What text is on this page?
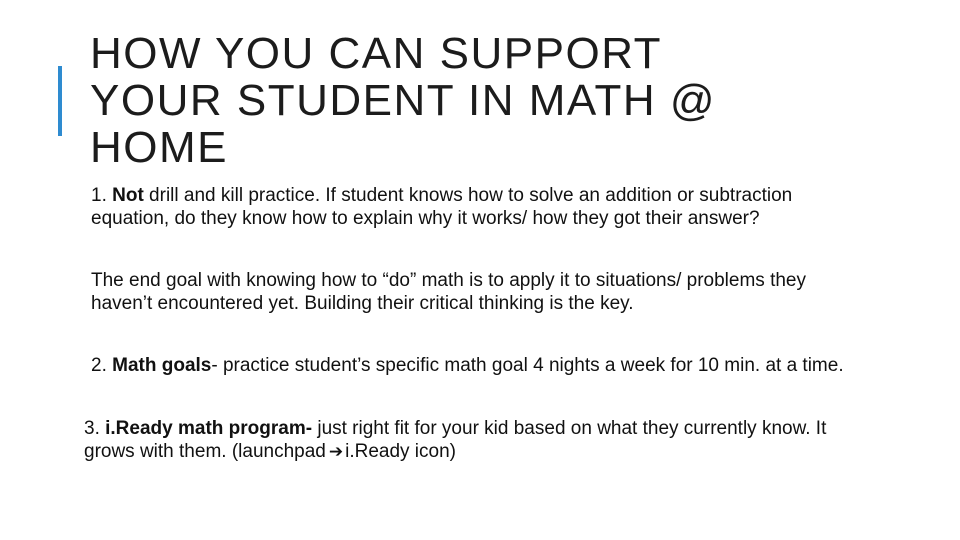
HOW YOU CAN SUPPORT
YOUR STUDENT IN MATH @
HOME

1. Not drill and kill practice. If student knows how to solve an addition or subtraction equation, do they know how to explain why it works/ how they got their answer?

The end goal with knowing how to “do” math is to apply it to situations/ problems they haven’t encountered yet. Building their critical thinking is the key.

2. Math goals- practice student’s specific math goal 4 nights a week for 10 min. at a time.

3. i.Ready math program- just right fit for your kid based on what they currently know. It grows with them. (launchpad ➔ i.Ready icon)
